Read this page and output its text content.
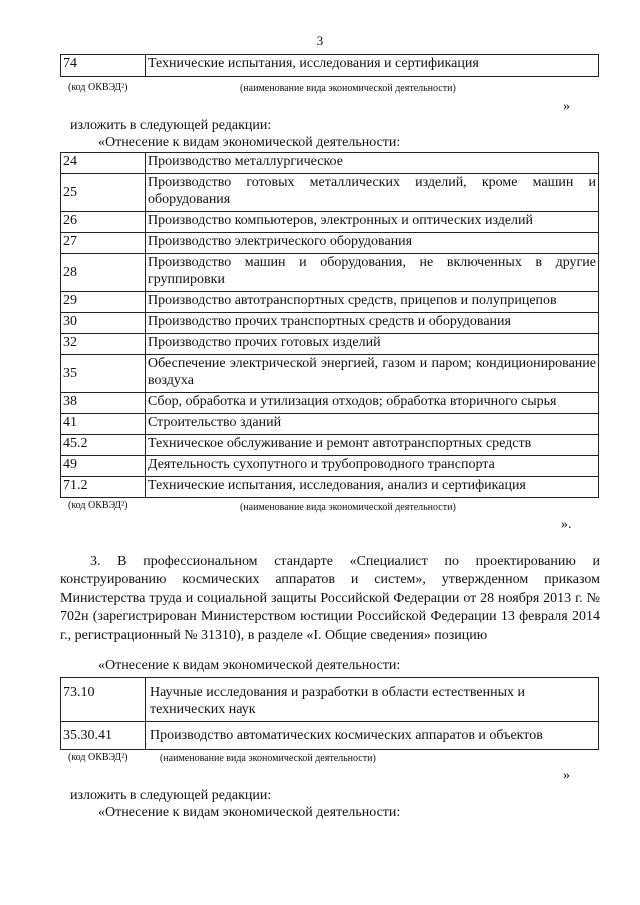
3
74	Технические испытания, исследования и сертификация
(код ОКВЭД²)	(наименование вида экономической деятельности)
»
изложить в следующей редакции:
«Отнесение к видам экономической деятельности:
24	Производство металлургическое
25	Производство готовых металлических изделий, кроме машин и оборудования
26	Производство компьютеров, электронных и оптических изделий
27	Производство электрического оборудования
28	Производство машин и оборудования, не включенных в другие группировки
29	Производство автотранспортных средств, прицепов и полуприцепов
30	Производство прочих транспортных средств и оборудования
32	Производство прочих готовых изделий
35	Обеспечение электрической энергией, газом и паром; кондиционирование воздуха
38	Сбор, обработка и утилизация отходов; обработка вторичного сырья
41	Строительство зданий
45.2	Техническое обслуживание и ремонт автотранспортных средств
49	Деятельность сухопутного и трубопроводного транспорта
71.2	Технические испытания, исследования, анализ и сертификация
(код ОКВЭД²)	(наименование вида экономической деятельности)
».
3. В профессиональном стандарте «Специалист по проектированию и конструированию космических аппаратов и систем», утвержденном приказом Министерства труда и социальной защиты Российской Федерации от 28 ноября 2013 г. № 702н (зарегистрирован Министерством юстиции Российской Федерации 13 февраля 2014 г., регистрационный № 31310), в разделе «I. Общие сведения» позицию
«Отнесение к видам экономической деятельности:
73.10	Научные исследования и разработки в области естественных и технических наук
35.30.41	Производство автоматических космических аппаратов и объектов
(код ОКВЭД²)	(наименование вида экономической деятельности)
»
изложить в следующей редакции:
«Отнесение к видам экономической деятельности:
